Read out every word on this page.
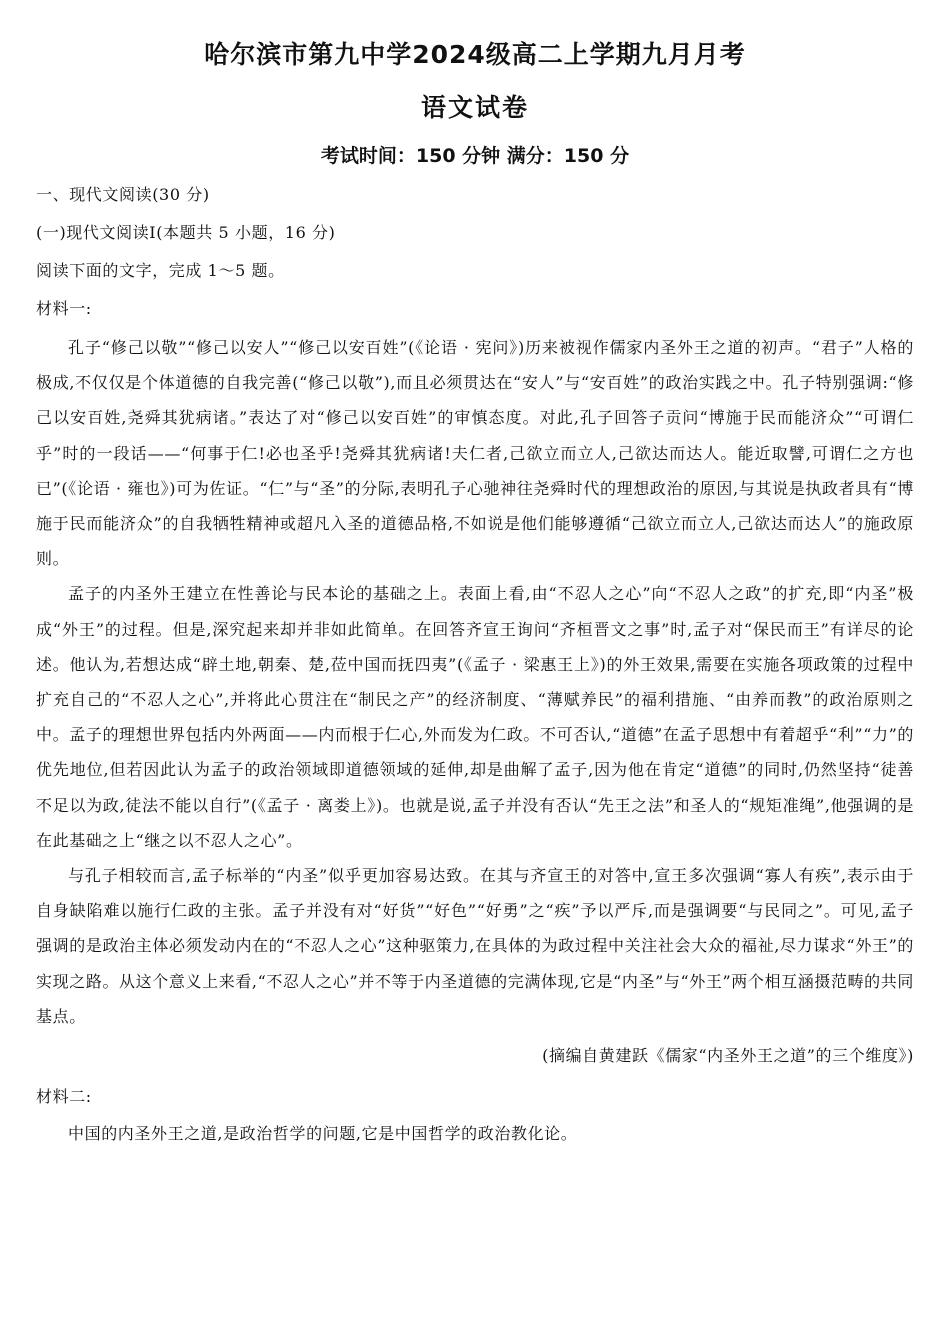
哈尔滨市第九中学2024级高二上学期九月月考
语文试卷
考试时间：150 分钟 满分：150 分
一、现代文阅读(30 分)
(一)现代文阅读Ⅰ(本题共 5 小题，16 分)
阅读下面的文字，完成 1～5 题。
材料一:

孔子“修己以敬”“修己以安人”“修己以安百姓”(《论语 · 宪问》)历来被视作儒家内圣外王之道的初声。“君子”人格的极成,不仅仅是个体道德的自我完善(“修己以敬”),而且必须贯达在“安人”与“安百姓”的政治实践之中。孔子特别强调:“修己以安百姓,尧舜其犹病诸。”表达了对“修己以安百姓”的审慎态度。对此,孔子回答子贡问“博施于民而能济众”“可谓仁乎”时的一段话——“何事于仁!必也圣乎!尧舜其犹病诸!夫仁者,己欲立而立人,己欲达而达人。能近取譬,可谓仁之方也已”(《论语 · 雍也》)可为佐证。“仁”与“圣”的分际,表明孔子心驰神往尧舜时代的理想政治的原因,与其说是执政者具有“博施于民而能济众”的自我牺牲精神或超凡入圣的道德品格,不如说是他们能够遵循“己欲立而立人,己欲达而达人”的施政原则。

孟子的内圣外王建立在性善论与民本论的基础之上。表面上看,由“不忍人之心”向“不忍人之政”的扩充,即“内圣”极成“外王”的过程。但是,深究起来却并非如此简单。在回答齐宣王询问“齐桓晋文之事”时,孟子对“保民而王”有详尽的论述。他认为,若想达成“辟土地,朝秦、楚,莅中国而抚四夷”(《孟子 · 梁惠王上》)的外王效果,需要在实施各项政策的过程中扩充自己的“不忍人之心”,并将此心贯注在“制民之产”的经济制度、“薄赋养民”的福利措施、“由养而教”的政治原则之中。孟子的理想世界包括内外两面——内而根于仁心,外而发为仁政。不可否认,“道德”在孟子思想中有着超乎“利”“力”的优先地位,但若因此认为孟子的政治领域即道德领域的延伸,却是曲解了孟子,因为他在肯定“道德”的同时,仍然坚持“徒善不足以为政,徒法不能以自行”(《孟子 · 离娄上》)。也就是说,孟子并没有否认“先王之法”和圣人的“规矩准绳”,他强调的是在此基础之上“继之以不忍人之心”。

与孔子相较而言,孟子标举的“内圣”似乎更加容易达致。在其与齐宣王的对答中,宣王多次强调“寡人有疾”,表示由于自身缺陷难以施行仁政的主张。孟子并没有对“好货”“好色”“好勇”之“疾”予以严斥,而是强调要“与民同之”。可见,孟子强调的是政治主体必须发动内在的“不忍人之心”这种驱策力,在具体的为政过程中关注社会大众的福祉,尽力谋求“外王”的实现之路。从这个意义上来看,“不忍人之心”并不等于内圣道德的完满体现,它是“内圣”与“外王”两个相互涵摄范畴的共同基点。

(摘编自黄建跃《儒家“内圣外王之道”的三个维度》)
材料二:

中国的内圣外王之道,是政治哲学的问题,它是中国哲学的政治教化论。
